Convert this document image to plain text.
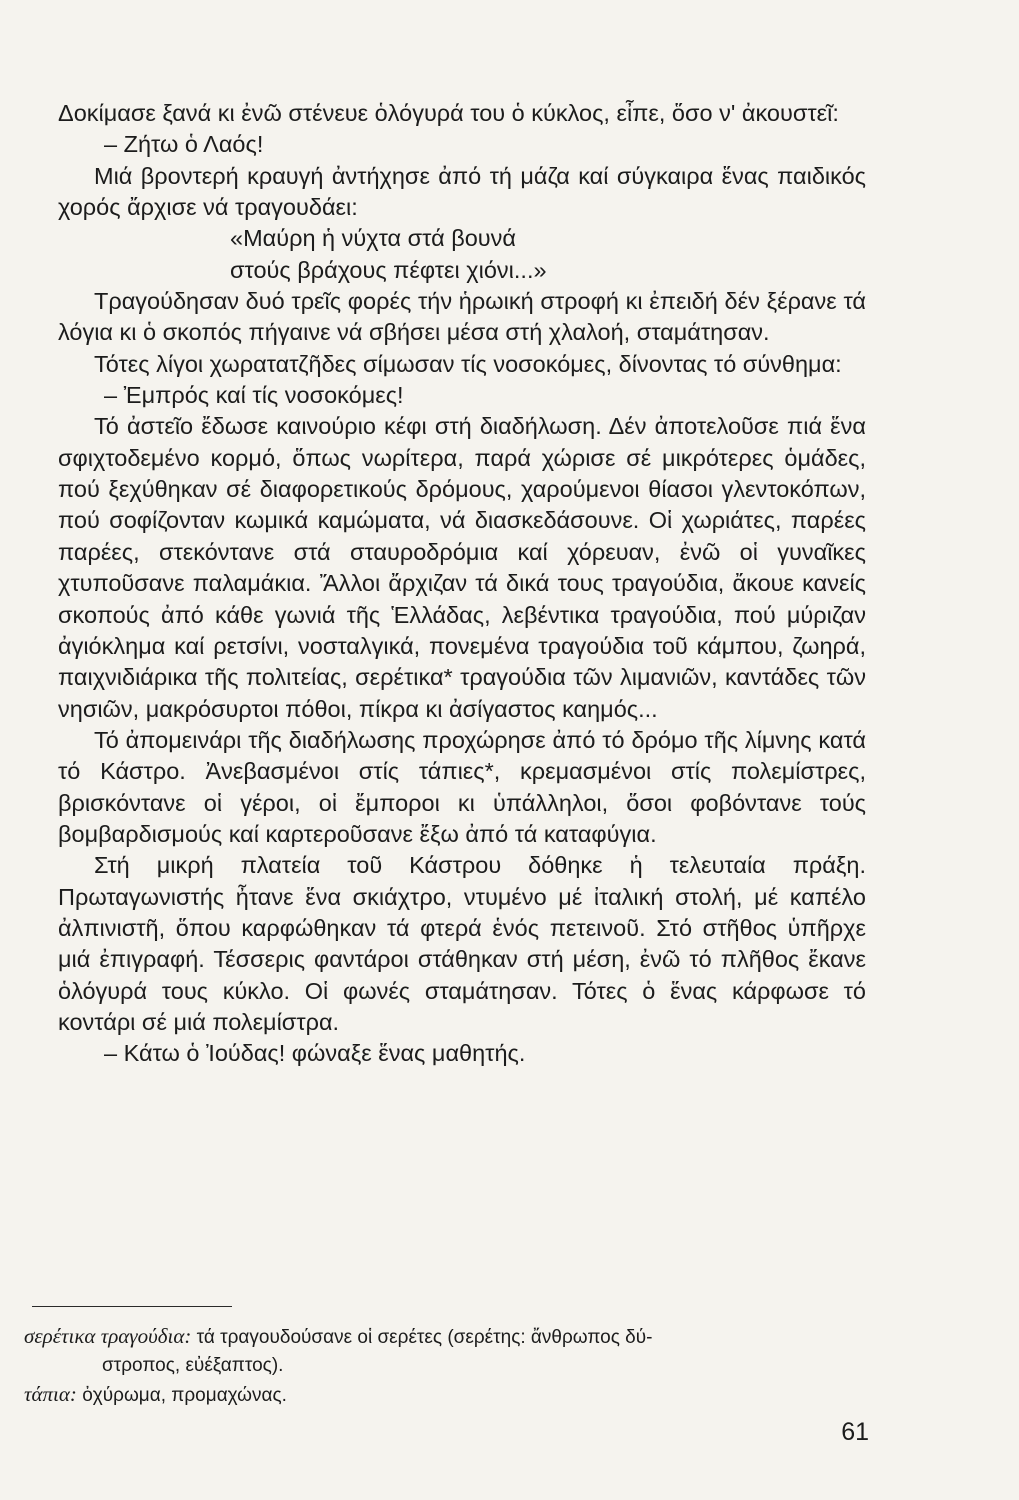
Δοκίμασε ξανά κι ἐνῶ στένευε ὁλόγυρά του ὁ κύκλος, εἶπε, ὅσο ν' ἀκουστεῖ:

– Ζήτω ὁ Λαός!

Μιά βροντερή κραυγή ἀντήχησε ἀπό τή μάζα καί σύγκαιρα ἕνας παιδικός χορός ἄρχισε νά τραγουδάει:

«Μαύρη ἡ νύχτα στά βουνά

στούς βράχους πέφτει χιόνι...»

Τραγούδησαν δυό τρεῖς φορές τήν ἡρωική στροφή κι ἐπειδή δέν ξέρανε τά λόγια κι ὁ σκοπός πήγαινε νά σβήσει μέσα στή χλαλοή, σταμάτησαν.

Τότες λίγοι χωρατατζῆδες σίμωσαν τίς νοσοκόμες, δίνοντας τό σύνθημα:

– Ἐμπρός καί τίς νοσοκόμες!

Τό ἀστεῖο ἔδωσε καινούριο κέφι στή διαδήλωση. Δέν ἀποτελοῦσε πιά ἕνα σφιχτοδεμένο κορμό, ὅπως νωρίτερα, παρά χώρισε σέ μικρότερες ὁμάδες, πού ξεχύθηκαν σέ διαφορετικούς δρόμους, χαρούμενοι θίασοι γλεντοκόπων, πού σοφίζονταν κωμικά καμώματα, νά διασκεδάσουνε. Οἱ χωριάτες, παρέες παρέες, στεκόντανε στά σταυροδρόμια καί χόρευαν, ἐνῶ οἱ γυναῖκες χτυποῦσανε παλαμάκια. Ἄλλοι ἄρχιζαν τά δικά τους τραγούδια, ἄκουε κανείς σκοπούς ἀπό κάθε γωνιά τῆς Ἑλλάδας, λεβέντικα τραγούδια, πού μύριζαν ἀγιόκλημα καί ρετσίνι, νοσταλγικά, πονεμένα τραγούδια τοῦ κάμπου, ζωηρά, παιχνιδιάρικα τῆς πολιτείας, σερέτικα* τραγούδια τῶν λιμανιῶν, καντάδες τῶν νησιῶν, μακρόσυρτοι πόθοι, πίκρα κι ἀσίγαστος καημός...

Τό ἀπομεινάρι τῆς διαδήλωσης προχώρησε ἀπό τό δρόμο τῆς λίμνης κατά τό Κάστρο. Ἀνεβασμένοι στίς τάπιες*, κρεμασμένοι στίς πολεμίστρες, βρισκόντανε οἱ γέροι, οἱ ἔμποροι κι ὑπάλληλοι, ὅσοι φοβόντανε τούς βομβαρδισμούς καί καρτεροῦσανε ἔξω ἀπό τά καταφύγια.

Στή μικρή πλατεία τοῦ Κάστρου δόθηκε ἡ τελευταία πράξη. Πρωταγωνιστής ἦτανε ἕνα σκιάχτρο, ντυμένο μέ ἰταλική στολή, μέ καπέλο ἀλπινιστῆ, ὅπου καρφώθηκαν τά φτερά ἑνός πετεινοῦ. Στό στῆθος ὑπῆρχε μιά ἐπιγραφή. Τέσσερις φαντάροι στάθηκαν στή μέση, ἐνῶ τό πλῆθος ἔκανε ὁλόγυρά τους κύκλο. Οἱ φωνές σταμάτησαν. Τότες ὁ ἕνας κάρφωσε τό κοντάρι σέ μιά πολεμίστρα.

– Κάτω ὁ Ἰούδας! φώναξε ἕνας μαθητής.

σερέτικα τραγούδια: τά τραγουδούσανε οἱ σερέτες (σερέτης: ἄνθρωπος δύ-

στροπος, εὐέξαπτος).

τάπια: ὀχύρωμα, προμαχώνας.

61
